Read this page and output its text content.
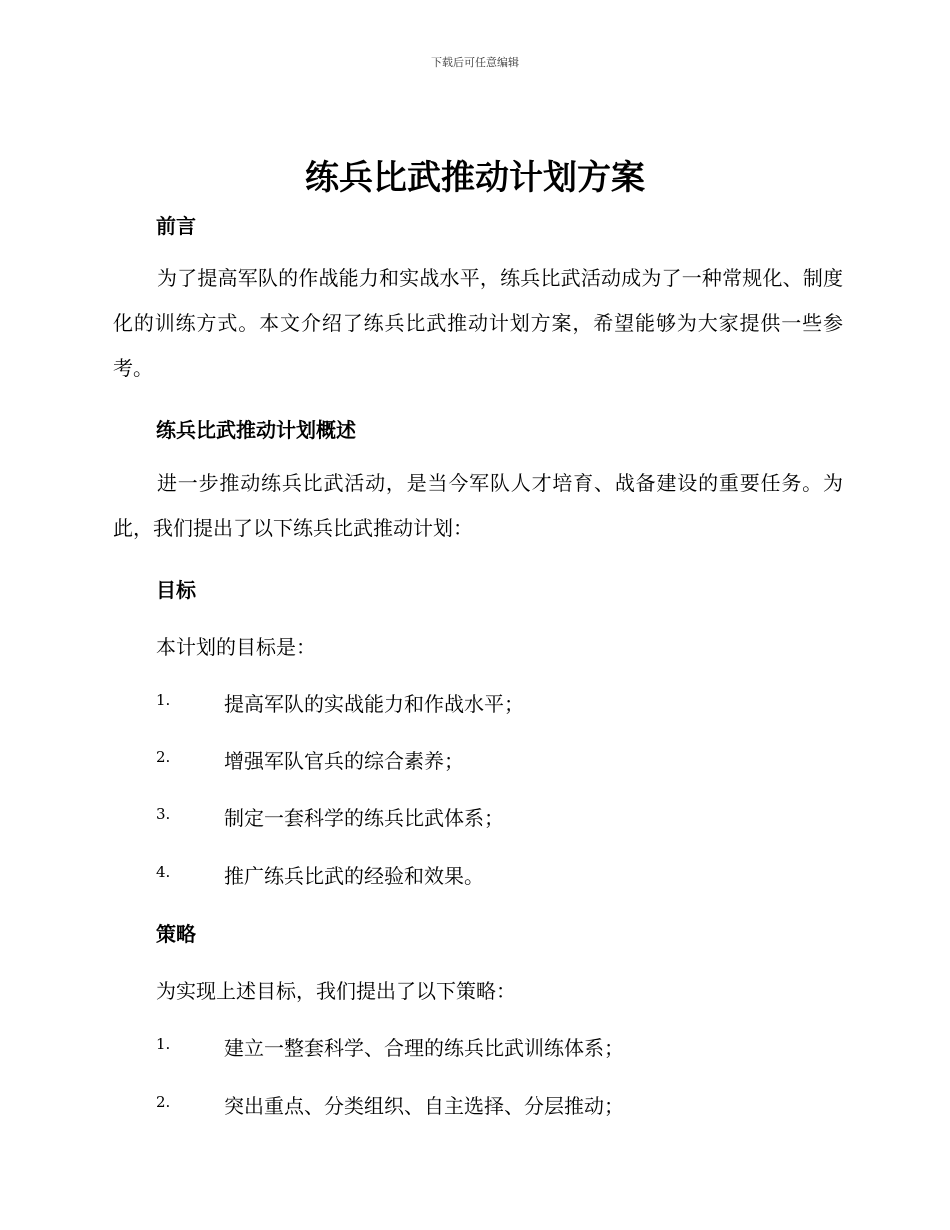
下载后可任意编辑
练兵比武推动计划方案
前言

为了提高军队的作战能力和实战水平，练兵比武活动成为了一种常规化、制度化的训练方式。本文介绍了练兵比武推动计划方案，希望能够为大家提供一些参考。

练兵比武推动计划概述

进一步推动练兵比武活动，是当今军队人才培育、战备建设的重要任务。为此，我们提出了以下练兵比武推动计划：

目标
本计划的目标是：
1.	提高军队的实战能力和作战水平；
2.	增强军队官兵的综合素养；
3.	制定一套科学的练兵比武体系；
4.	推广练兵比武的经验和效果。
策略
为实现上述目标，我们提出了以下策略：
1.	建立一整套科学、合理的练兵比武训练体系；
2.	突出重点、分类组织、自主选择、分层推动；
